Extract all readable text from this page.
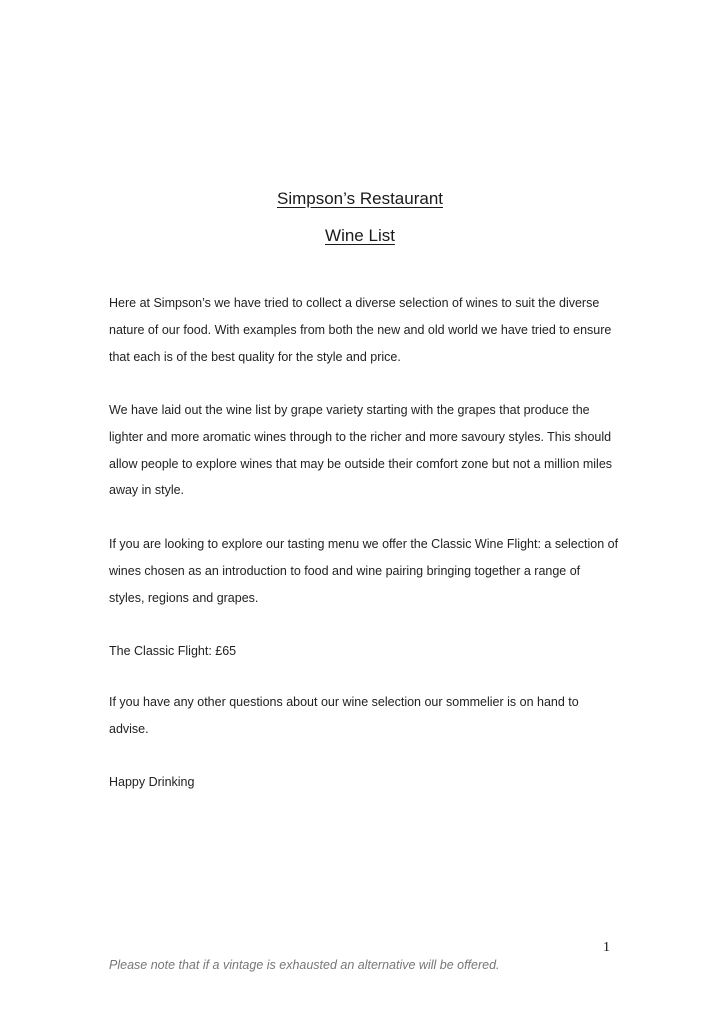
Simpson’s Restaurant
Wine List

Here at Simpson’s we have tried to collect a diverse selection of wines to suit the diverse nature of our food. With examples from both the new and old world we have tried to ensure that each is of the best quality for the style and price.

We have laid out the wine list by grape variety starting with the grapes that produce the lighter and more aromatic wines through to the richer and more savoury styles. This should allow people to explore wines that may be outside their comfort zone but not a million miles away in style.

If you are looking to explore our tasting menu we offer the Classic Wine Flight: a selection of wines chosen as an introduction to food and wine pairing bringing together a range of styles, regions and grapes.

The Classic Flight: £65

If you have any other questions about our wine selection our sommelier is on hand to advise.

Happy Drinking

1
Please note that if a vintage is exhausted an alternative will be offered.
